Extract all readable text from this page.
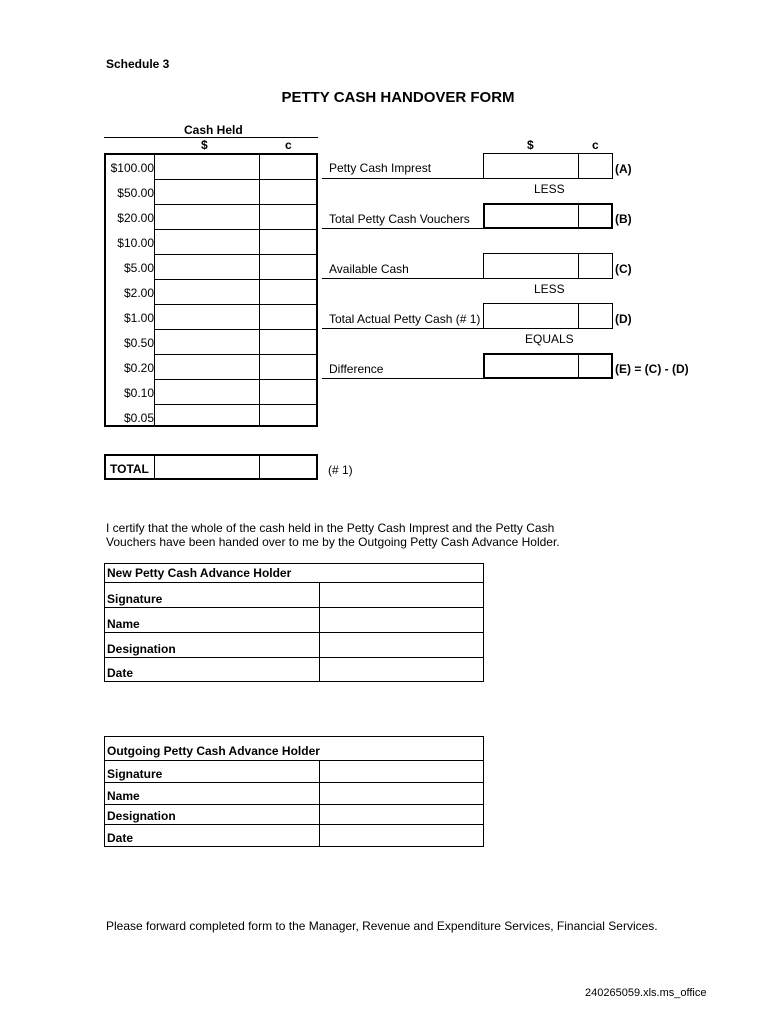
Schedule 3
PETTY CASH HANDOVER FORM
Cash Held
$	c
$100.00
$50.00
$20.00
$10.00
$5.00
$2.00
$1.00
$0.50
$0.20
$0.10
$0.05
TOTAL	(# 1)
$	c
Petty Cash Imprest	(A)
LESS
Total Petty Cash Vouchers	(B)
Available Cash	(C)
LESS
Total Actual Petty Cash (# 1)	(D)
EQUALS
Difference	(E) = (C) - (D)
I certify that the whole of the cash held in the Petty Cash Imprest and the Petty Cash
Vouchers have been handed over to me by the Outgoing Petty Cash Advance Holder.
New Petty Cash Advance Holder
Signature
Name
Designation
Date
Outgoing Petty Cash Advance Holder
Signature
Name
Designation
Date
Please forward completed form to the Manager, Revenue and Expenditure Services, Financial Services.
240265059.xls.ms_office
